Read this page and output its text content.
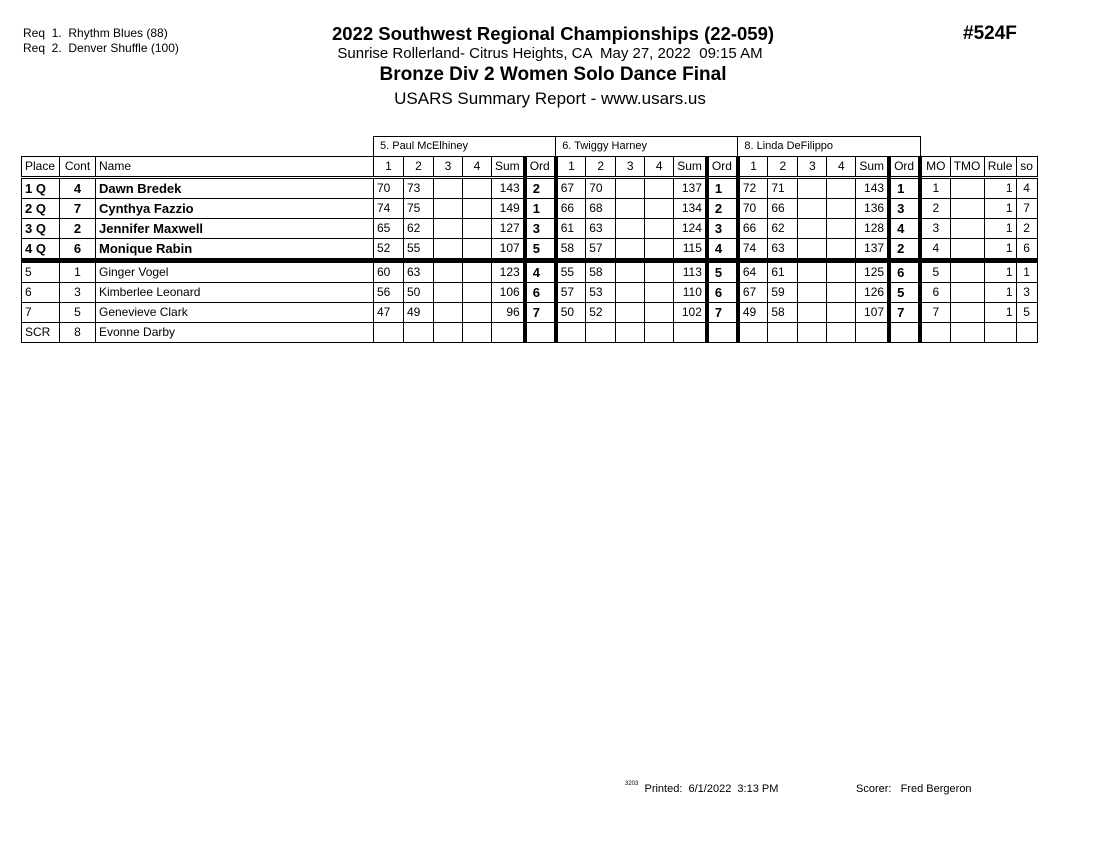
Req  1.  Rhythm Blues (88)
Req  2.  Denver Shuffle (100)
2022 Southwest Regional Championships (22-059)
Sunrise Rollerland- Citrus Heights, CA  May 27, 2022  09:15 AM
Bronze Div 2 Women Solo Dance Final
USARS Summary Report - www.usars.us
#524F
			5. Paul McElhiney						6. Twiggy Harney						8. Linda DeFilippo									
Place	Cont	Name	1	2	3	4	Sum	Ord	1	2	3	4	Sum	Ord	1	2	3	4	Sum	Ord	MO	TMO	Rule	so
1 Q	4	Dawn Bredek	70	73			143	2	67	70			137	1	72	71			143	1	1		1	4
2 Q	7	Cynthya Fazzio	74	75			149	1	66	68			134	2	70	66			136	3	2		1	7
3 Q	2	Jennifer Maxwell	65	62			127	3	61	63			124	3	66	62			128	4	3		1	2
4 Q	6	Monique Rabin	52	55			107	5	58	57			115	4	74	63			137	2	4		1	6
5	1	Ginger Vogel	60	63			123	4	55	58			113	5	64	61			125	6	5		1	1
6	3	Kimberlee Leonard	56	50			106	6	57	53			110	6	67	59			126	5	6		1	3
7	5	Genevieve Clark	47	49			96	7	50	52			102	7	49	58			107	7	7		1	5
SCR	8	Evonne Darby																						
$^{3203}$ Printed:  6/1/2022  3:13 PM	Scorer:   Fred Bergeron
